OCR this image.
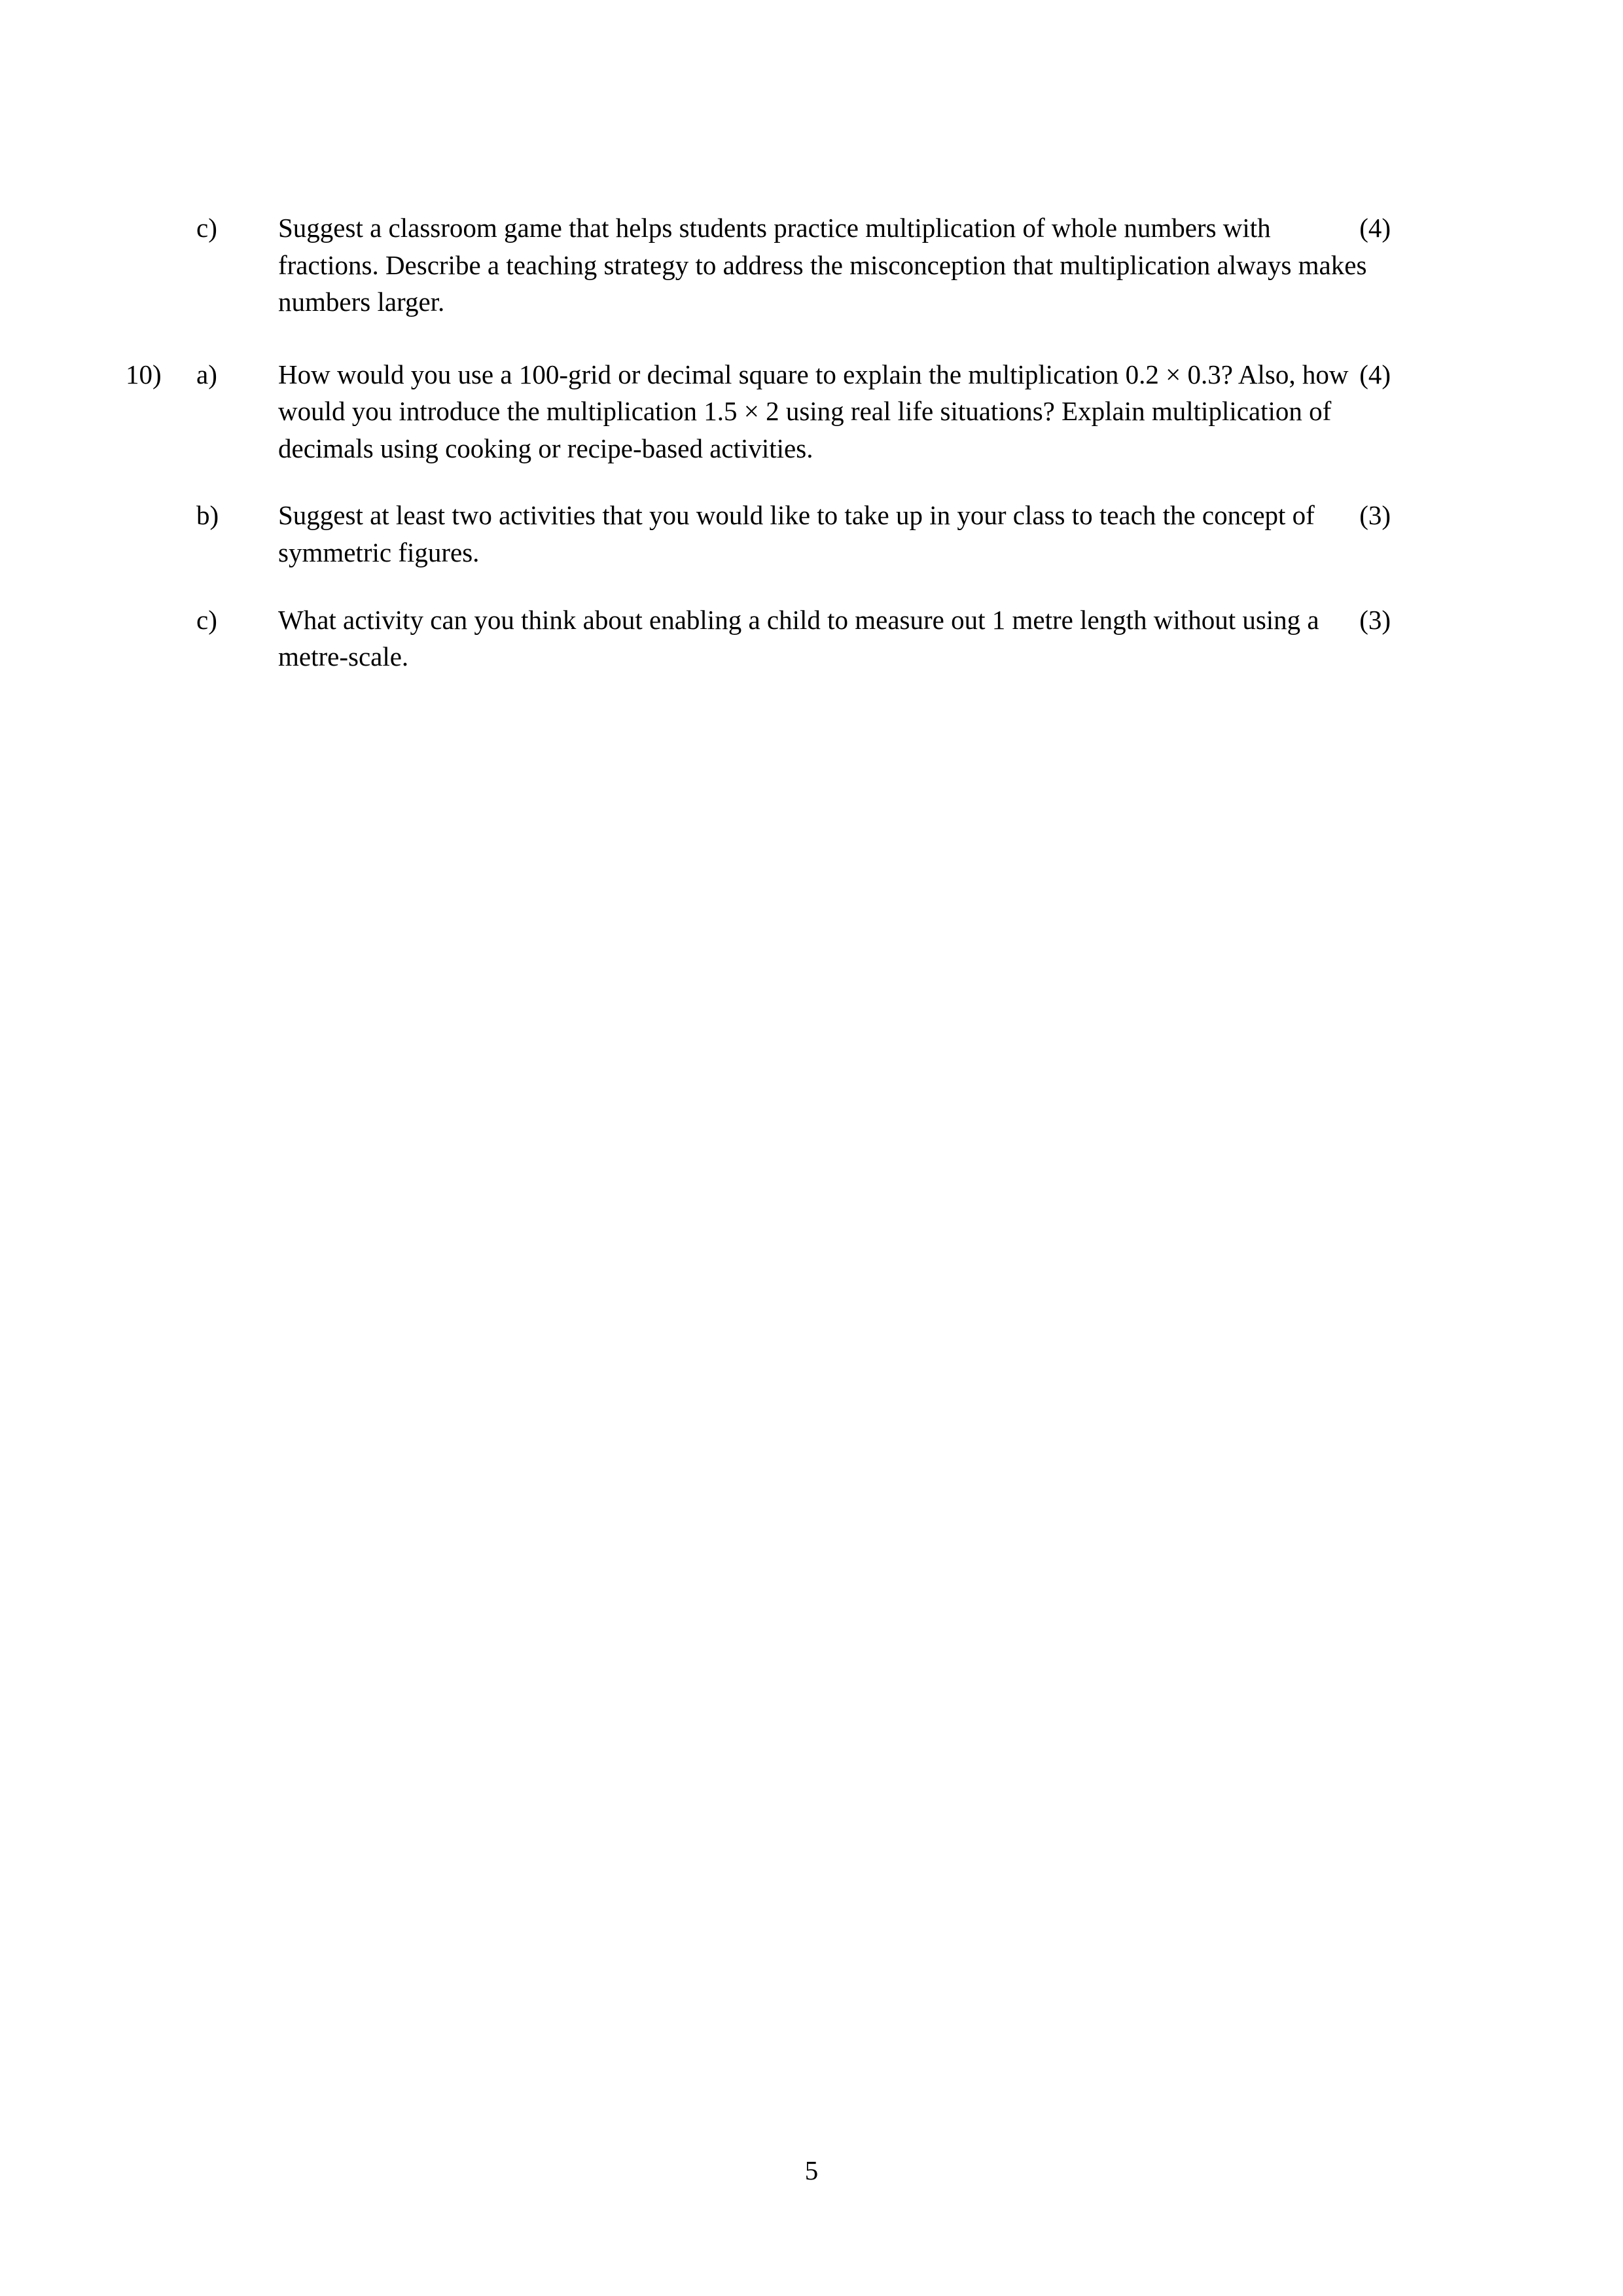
c)	(4)
Suggest a classroom game that helps students practice multiplication of whole numbers with fractions. Describe a teaching strategy to address the misconception that multiplication always makes numbers larger.
10)	a)	(4)
How would you use a 100-grid or decimal square to explain the multiplication 0.2 × 0.3? Also, how would you introduce the multiplication 1.5 × 2 using real life situations? Explain multiplication of decimals using cooking or recipe-based activities.
b)	(3)
Suggest at least two activities that you would like to take up in your class to teach the concept of symmetric figures.
c)	(3)
What activity can you think about enabling a child to measure out 1 metre length without using a metre-scale.
5
